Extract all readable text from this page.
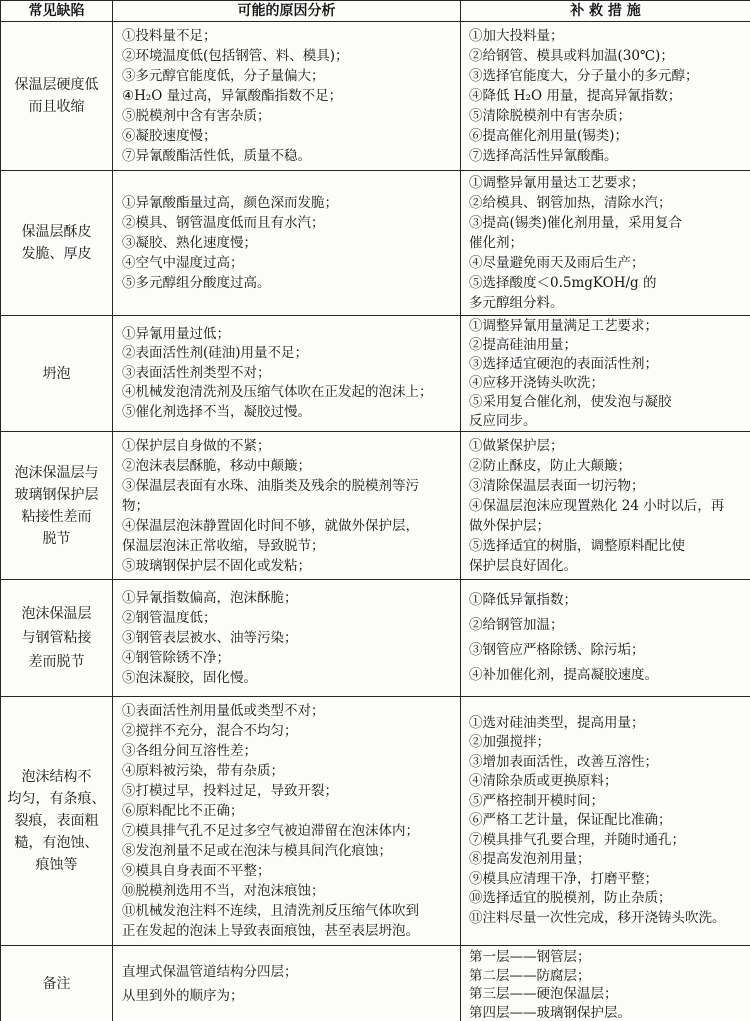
常见缺陷	可能的原因分析	补 救 措 施
保温层硬度低
而且收缩
①投料量不足；
②环境温度低(包括钢管、料、模具)；
③多元醇官能度低，分子量偏大；
④H₂O 量过高，异氰酸酯指数不足；
⑤脱模剂中含有害杂质；
⑥凝胶速度慢；
⑦异氰酸酯活性低，质量不稳。
①加大投料量；
②给钢管、模具或料加温(30℃)；
③选择官能度大，分子量小的多元醇；
④降低 H₂O 用量，提高异氰指数；
⑤清除脱模剂中有害杂质；
⑥提高催化剂用量(锡类)；
⑦选择高活性异氰酸酯。
保温层酥皮
发脆、厚皮
①异氰酸酯量过高，颜色深而发脆；
②模具、钢管温度低而且有水汽；
③凝胶、熟化速度慢；
④空气中湿度过高；
⑤多元醇组分酸度过高。
①调整异氰用量达工艺要求；
②给模具、钢管加热，清除水汽；
③提高(锡类)催化剂用量，采用复合
催化剂；
④尽量避免雨天及雨后生产；
⑤选择酸度＜0.5mgKOH/g 的
多元醇组分料。
坍泡
①异氰用量过低；
②表面活性剂(硅油)用量不足；
③表面活性剂类型不对；
④机械发泡清洗剂及压缩气体吹在正发起的泡沫上；
⑤催化剂选择不当，凝胶过慢。
①调整异氰用量满足工艺要求；
②提高硅油用量；
③选择适宜硬泡的表面活性剂；
④应移开浇铸头吹洗；
⑤采用复合催化剂，使发泡与凝胶
反应同步。
泡沫保温层与
玻璃钢保护层
粘接性差而
脱节
①保护层自身做的不紧；
②泡沫表层酥脆，移动中颠簸；
③保温层表面有水珠、油脂类及残余的脱模剂等污
物；
④保温层泡沫静置固化时间不够，就做外保护层，
保温层泡沫正常收缩，导致脱节；
⑤玻璃钢保护层不固化或发粘；
①做紧保护层；
②防止酥皮，防止大颠簸；
③清除保温层表面一切污物；
④保温层泡沫应现置熟化 24 小时以后，再
做外保护层；
⑤选择适宜的树脂，调整原料配比使
保护层良好固化。
泡沫保温层
与钢管粘接
差而脱节
①异氰指数偏高，泡沫酥脆；
②钢管温度低；
③钢管表层被水、油等污染；
④钢管除锈不净；
⑤泡沫凝胶，固化慢。
①降低异氰指数；
②给钢管加温；
③钢管应严格除锈、除污垢；
④补加催化剂，提高凝胶速度。
泡沫结构不
均匀，有条痕、
裂痕，表面粗
糙，有泡蚀、
痕蚀等
①表面活性剂用量低或类型不对；
②搅拌不充分，混合不均匀；
③各组分间互溶性差；
④原料被污染，带有杂质；
⑤打模过早，投料过足，导致开裂；
⑥原料配比不正确；
⑦模具排气孔不足过多空气被迫滞留在泡沫体内；
⑧发泡剂量不足或在泡沫与模具间汽化痕蚀；
⑨模具自身表面不平整；
⑩脱模剂选用不当，对泡沫痕蚀；
⑪机械发泡注料不连续，且清洗剂反压缩气体吹到
正在发起的泡沫上导致表面痕蚀，甚至表层坍泡。
①选对硅油类型，提高用量；
②加强搅拌；
③增加表面活性，改善互溶性；
④清除杂质或更换原料；
⑤严格控制开模时间；
⑥严格工艺计量，保证配比准确；
⑦模具排气孔要合理，并随时通孔；
⑧提高发泡剂用量；
⑨模具应清理干净，打磨平整；
⑩选择适宜的脱模剂，防止杂质；
⑪注料尽量一次性完成，移开浇铸头吹洗。
备注
直埋式保温管道结构分四层；
从里到外的顺序为；
第一层——钢管层；
第二层——防腐层；
第三层——硬泡保温层；
第四层——玻璃钢保护层。
